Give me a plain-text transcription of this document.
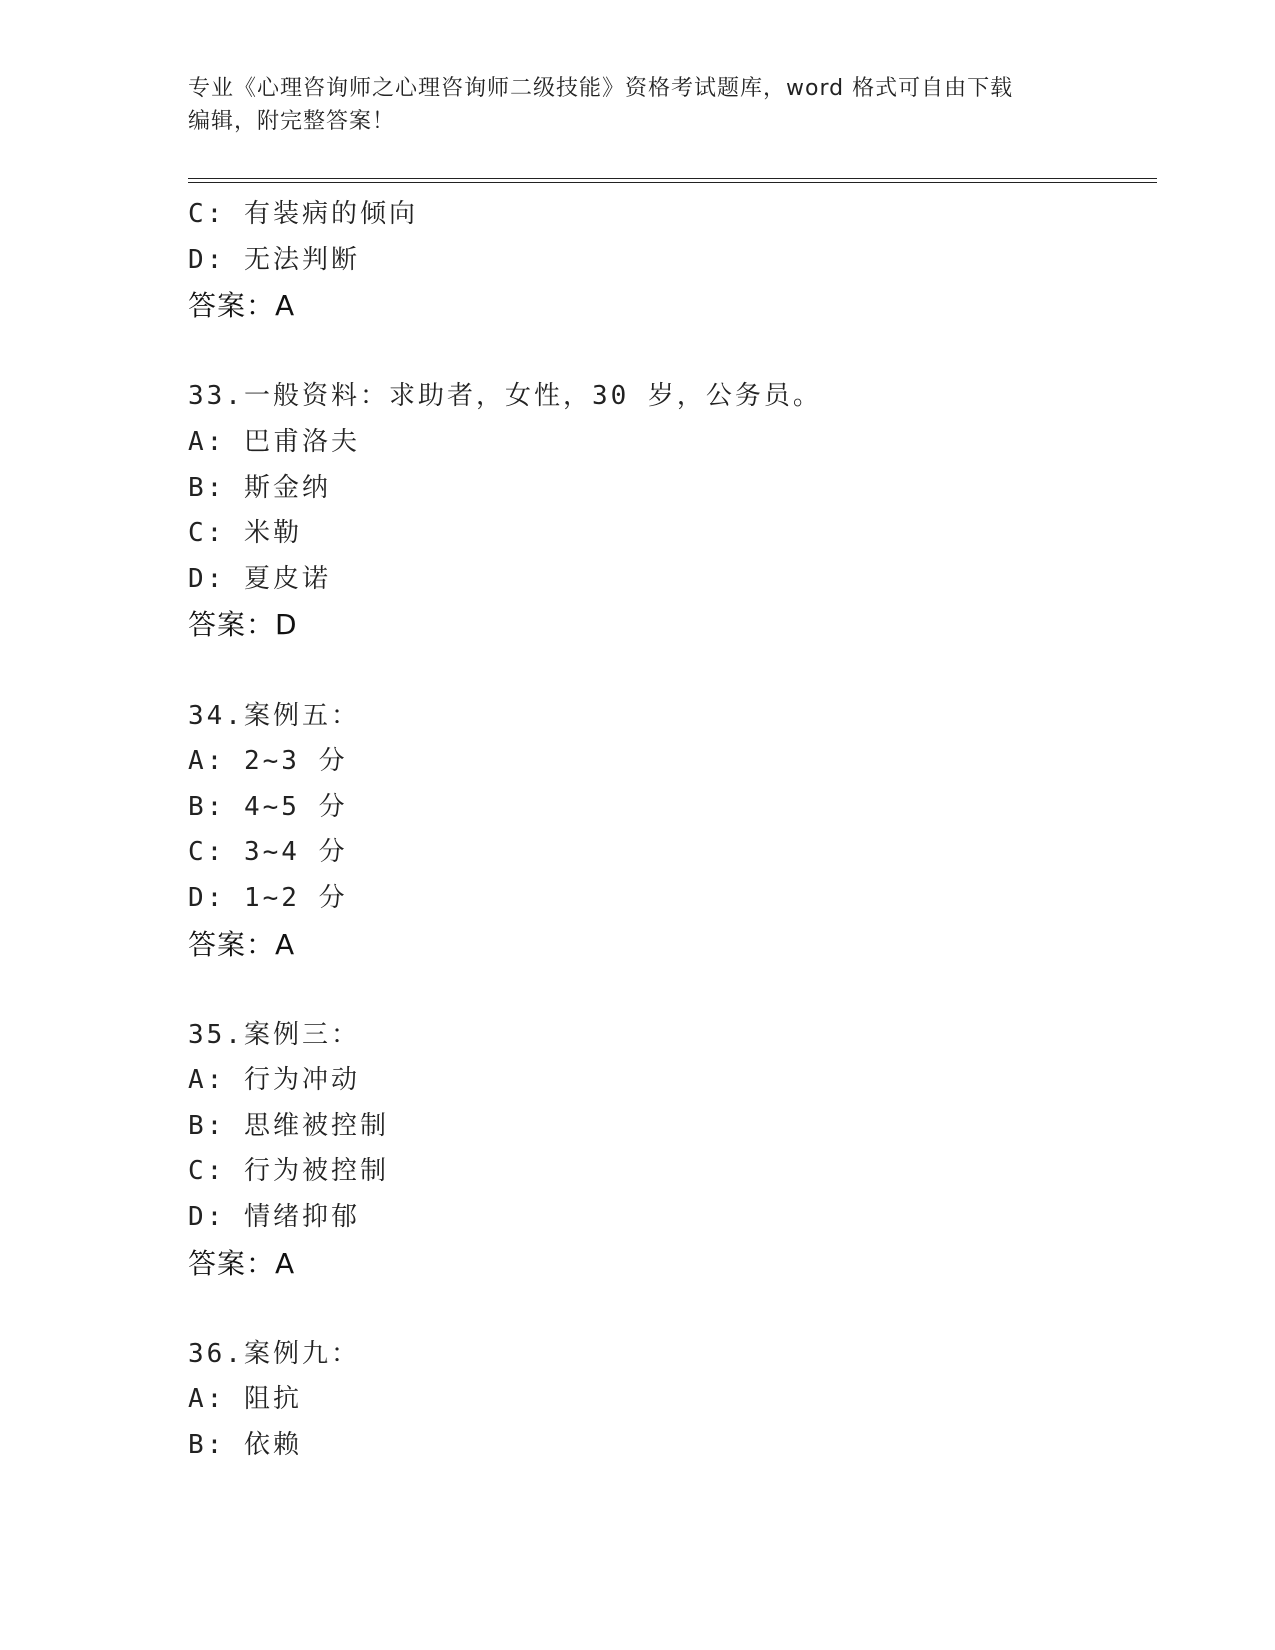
专业《心理咨询师之心理咨询师二级技能》资格考试题库，word 格式可自由下载
编辑，附完整答案！
C: 有装病的倾向
D: 无法判断
答案：A
33.一般资料：求助者，女性，30 岁，公务员。
A: 巴甫洛夫
B: 斯金纳
C: 米勒
D: 夏皮诺
答案：D
34.案例五：
A: 2~3 分
B: 4~5 分
C: 3~4 分
D: 1~2 分
答案：A
35.案例三：
A: 行为冲动
B: 思维被控制
C: 行为被控制
D: 情绪抑郁
答案：A
36.案例九：
A: 阻抗
B: 依赖
